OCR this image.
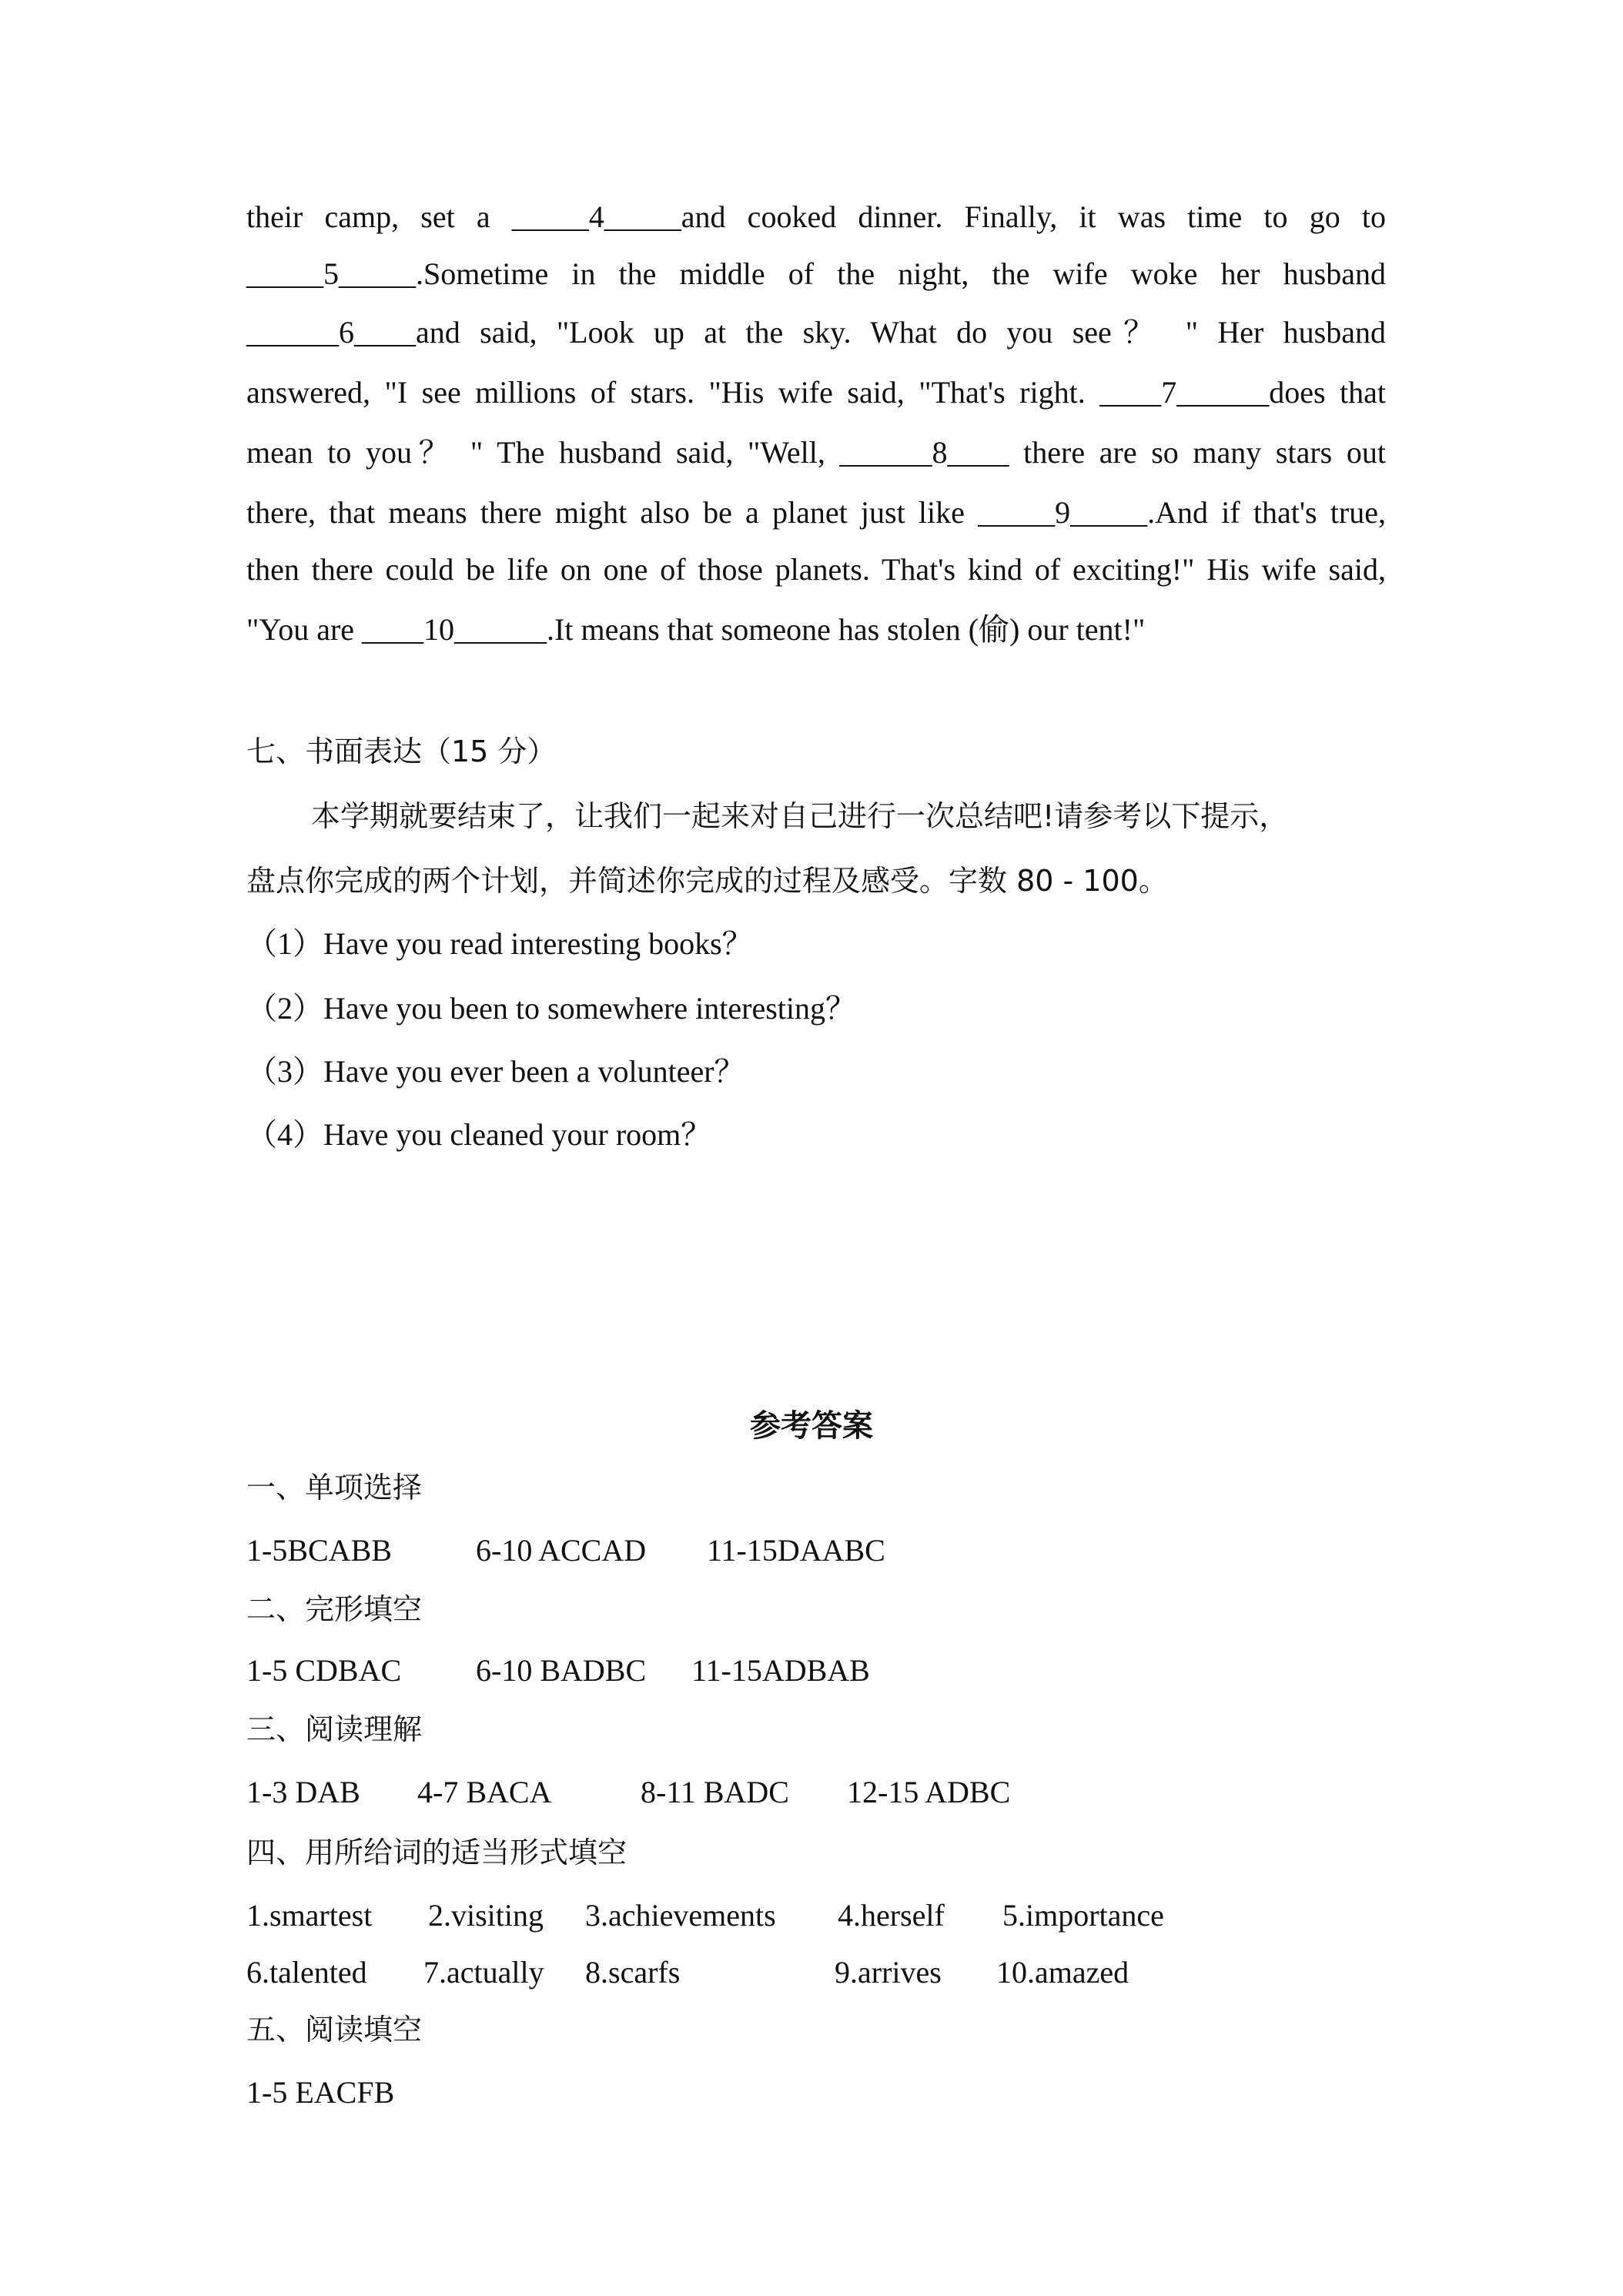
their camp, set a _____4_____and cooked dinner. Finally, it was time to go to
_____5_____.Sometime in the middle of the night, the wife woke her husband
______6____and said, "Look up at the sky. What do you see？ " Her husband
answered, "I see millions of stars. "His wife said, "That's right. ____7______does that
mean to you？ " The husband said, "Well, ______8____ there are so many stars out
there, that means there might also be a planet just like _____9_____.And if that's true,
then there could be life on one of those planets. That's kind of exciting!" His wife said,
"You are ____10______.It means that someone has stolen (偷) our tent!"
七、书面表达（15 分）
本学期就要结束了，让我们一起来对自己进行一次总结吧!请参考以下提示，
盘点你完成的两个计划，并简述你完成的过程及感受。字数 80 - 100。
（1）Have you read interesting books？
（2）Have you been to somewhere interesting？
（3）Have you ever been a volunteer？
（4）Have you cleaned your room？
参考答案
一、单项选择
1-5BCABB	6-10 ACCAD 11-15DAABC
二、完形填空
1-5 CDBAC 6-10 BADBC 11-15ADBAB
三、阅读理解
1-3 DAB 4-7 BACA	8-11 BADC 12-15 ADBC
四、用所给词的适当形式填空
1.smartest 2.visiting 3.achievements 4.herself 5.importance
6.talented 7.actually 8.scarfs	9.arrives 10.amazed
五、阅读填空
1-5 EACFB
